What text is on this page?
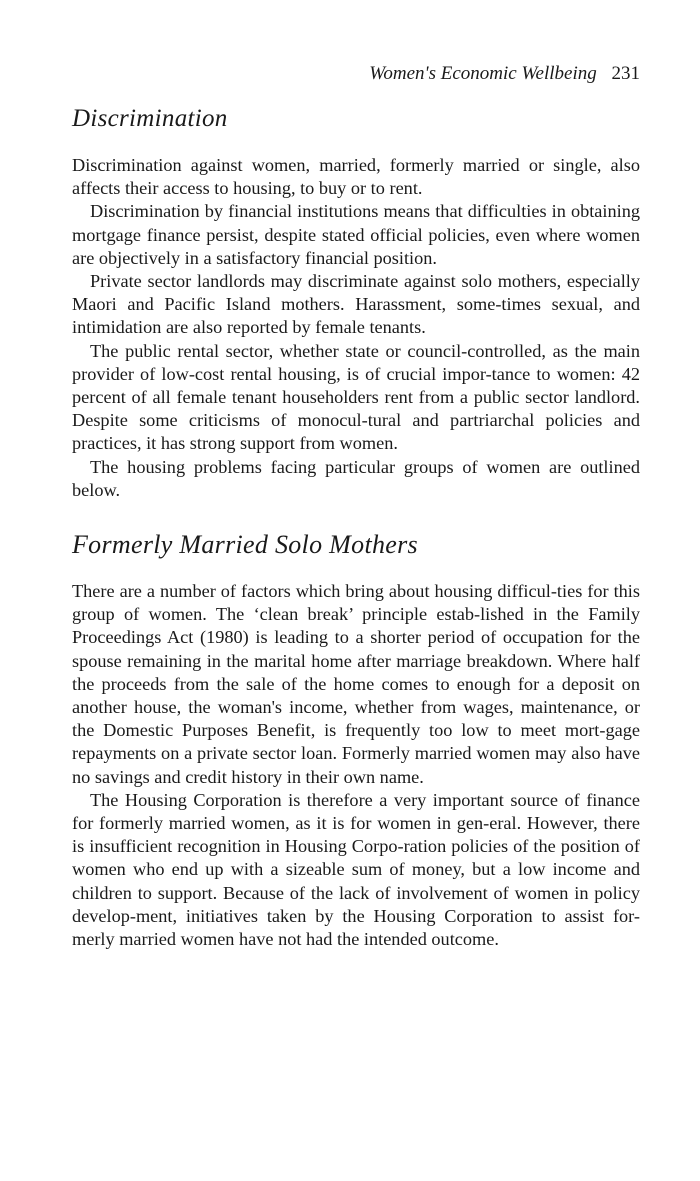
Women's Economic Wellbeing 231
Discrimination

Discrimination against women, married, formerly married or single, also affects their access to housing, to buy or to rent.

Discrimination by financial institutions means that difficulties in obtaining mortgage finance persist, despite stated official policies, even where women are objectively in a satisfactory financial position.

Private sector landlords may discriminate against solo mothers, especially Maori and Pacific Island mothers. Harassment, some-times sexual, and intimidation are also reported by female tenants.

The public rental sector, whether state or council-controlled, as the main provider of low-cost rental housing, is of crucial impor-tance to women: 42 percent of all female tenant householders rent from a public sector landlord. Despite some criticisms of monocul-tural and partriarchal policies and practices, it has strong support from women.

The housing problems facing particular groups of women are outlined below.

Formerly Married Solo Mothers

There are a number of factors which bring about housing difficul-ties for this group of women. The ‘clean break’ principle estab-lished in the Family Proceedings Act (1980) is leading to a shorter period of occupation for the spouse remaining in the marital home after marriage breakdown. Where half the proceeds from the sale of the home comes to enough for a deposit on another house, the woman's income, whether from wages, maintenance, or the Domestic Purposes Benefit, is frequently too low to meet mort-gage repayments on a private sector loan. Formerly married women may also have no savings and credit history in their own name.

The Housing Corporation is therefore a very important source of finance for formerly married women, as it is for women in gen-eral. However, there is insufficient recognition in Housing Corpo-ration policies of the position of women who end up with a sizeable sum of money, but a low income and children to support. Because of the lack of involvement of women in policy develop-ment, initiatives taken by the Housing Corporation to assist for-merly married women have not had the intended outcome.
